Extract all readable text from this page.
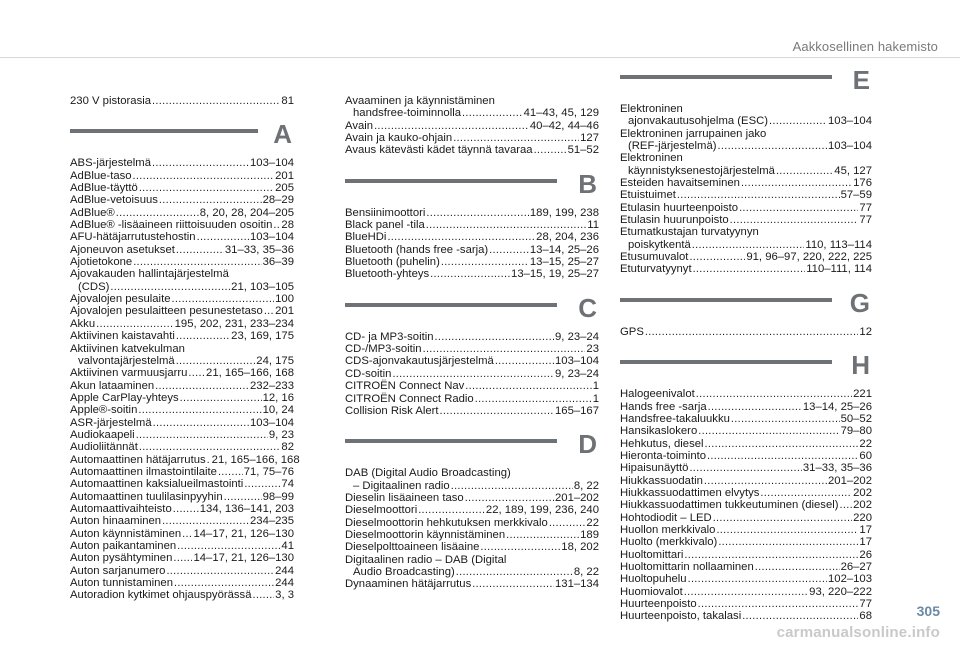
Aakkosellinen hakemisto
230 V pistorasia .....	81
A
ABS-järjestelmä .....	103–104
AdBlue-taso .....	201
AdBlue-täyttö .....	205
AdBlue-vetoisuus .....	28–29
AdBlue® .....	8, 20, 28, 204–205
AdBlue® -lisäaineen riittoisuuden osoitin ..... 28
AFU-hätäjarrutustehostin .....	103–104
Ajoneuvon asetukset .....	31–33, 35–36
Ajotietokone .....	36–39
Ajovakauden hallintajärjestelmä
(CDS) .....	21, 103–105
Ajovalojen pesulaite .....	100
Ajovalojen pesulaitteen pesunestetaso ..... 201
Akku .....	195, 202, 231, 233–234
Aktiivinen kaistavahti .....	23, 169, 175
Aktiivinen katvekulman
valvontajärjestelmä .....	24, 175
Aktiivinen varmuusjarru ..... 21, 165–166, 168
Akun lataaminen .....	232–233
Apple CarPlay-yhteys .....	12, 16
Apple®-soitin .....	10, 24
ASR-järjestelmä .....	103–104
Audiokaapeli .....	9, 23
Audioliitännät .....	82
Automaattinen hätäjarrutus ..... 21, 165–166, 168
Automaattinen ilmastointilaite ..... 71, 75–76
Automaattinen kaksialueilmastointi .....	74
Automaattinen tuulilasinpyyhin .....	98–99
Automaattivaihteisto ..... 134, 136–141, 203
Auton hinaaminen .....	234–235
Auton käynnistäminen ..... 14–17, 21, 126–130
Auton paikantaminen .....	41
Auton pysähtyminen ..... 14–17, 21, 126–130
Auton sarjanumero .....	244
Auton tunnistaminen .....	244
Autoradion kytkimet ohjauspyörässä ..... 3, 3
Avaaminen ja käynnistäminen
handsfree-toiminnolla .....	41–43, 45, 129
Avain .....	40–42, 44–46
Avain ja kauko-ohjain .....	127
Avaus kätevästi kädet täynnä tavaraa .....	51–52
B
Bensiinimoottori .....	189, 199, 238
Black panel -tila .....	11
BlueHDi .....	28, 204, 236
Bluetooth (hands free -sarja) .....	13–14, 25–26
Bluetooth (puhelin) .....	13–15, 25–27
Bluetooth-yhteys .....	13–15, 19, 25–27
C
CD- ja MP3-soitin .....	9, 23–24
CD-/MP3-soitin .....	23
CDS-ajonvakautusjärjestelmä .....	103–104
CD-soitin .....	9, 23–24
CITROËN Connect Nav .....	1
CITROËN Connect Radio .....	1
Collision Risk Alert .....	165–167
D
DAB (Digital Audio Broadcasting)
– Digitaalinen radio .....	8, 22
Dieselin lisäaineen taso .....	201–202
Dieselmoottori .....	22, 189, 199, 236, 240
Dieselmoottorin hehkutuksen merkkivalo .....	22
Dieselmoottorin käynnistäminen .....	189
Dieselpolttoaineen lisäaine .....	18, 202
Digitaalinen radio – DAB (Digital
Audio Broadcasting) .....	8, 22
Dynaaminen hätäjarrutus .....	131–134
E
Elektroninen
ajonvakautusohjelma (ESC) .....	103–104
Elektroninen jarrupainen jako
(REF-järjestelmä) .....	103–104
Elektroninen
käynnistyksenestojärjestelmä .....	45, 127
Esteiden havaitseminen .....	176
Etuistuimet .....	57–59
Etulasin huurteenpoisto .....	77
Etulasin huurunpoisto .....	77
Etumatkustajan turvatyynyn
poiskytkentä .....	110, 113–114
Etusumuvalot .....	91, 96–97, 220, 222, 225
Etuturvatyynyt .....	110–111, 114
G
GPS .....	12
H
Halogeenivalot .....	221
Hands free -sarja .....	13–14, 25–26
Handsfree-takaluukku .....	50–52
Hansikaslokero .....	79–80
Hehkutus, diesel .....	22
Hieronta-toiminto .....	60
Hipaisunäyttö .....	31–33, 35–36
Hiukkassuodatin .....	201–202
Hiukkassuodattimen elvytys .....	202
Hiukkassuodattimen tukkeutuminen (diesel) ..... 202
Hohtodiodit – LED .....	220
Huollon merkkivalo .....	17
Huolto (merkkivalo) .....	17
Huoltomittari .....	26
Huoltomittarin nollaaminen .....	26–27
Huoltopuhelu .....	102–103
Huomiovalot .....	93, 220–222
Huurteenpoisto .....	77
Huurteenpoisto, takalasi .....	68	305
carmanualsonline.info
